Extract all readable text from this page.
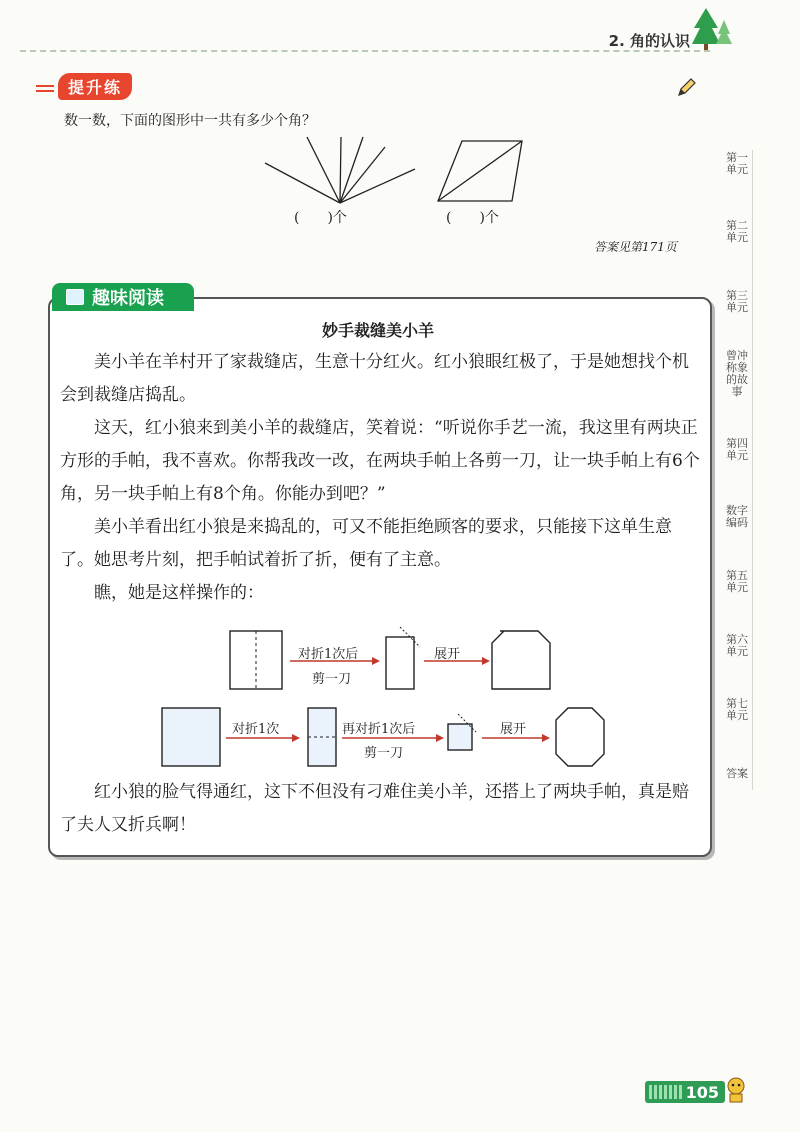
2. 角的认识
提升练
数一数，下面的图形中一共有多少个角？
(　　)个	(　　)个
答案见第171页
第一单元
第二单元
第三单元
曾冲称象的故事
第四单元
数字编码
第五单元
第六单元
第七单元
答案
趣味阅读
妙手裁缝美小羊

美小羊在羊村开了家裁缝店，生意十分红火。红小狼眼红极了，于是她想找个机会到裁缝店捣乱。

这天，红小狼来到美小羊的裁缝店，笑着说：“听说你手艺一流，我这里有两块正方形的手帕，我不喜欢。你帮我改一改，在两块手帕上各剪一刀，让一块手帕上有6个角，另一块手帕上有8个角。你能办到吧？”

美小羊看出红小狼是来捣乱的，可又不能拒绝顾客的要求，只能接下这单生意了。她思考片刻，把手帕试着折了折，便有了主意。

瞧，她是这样操作的：

对折1次后
剪一刀
展开
对折1次	再对折1次后
剪一刀
展开

红小狼的脸气得通红，这下不但没有刁难住美小羊，还搭上了两块手帕，真是赔了夫人又折兵啊！

105
